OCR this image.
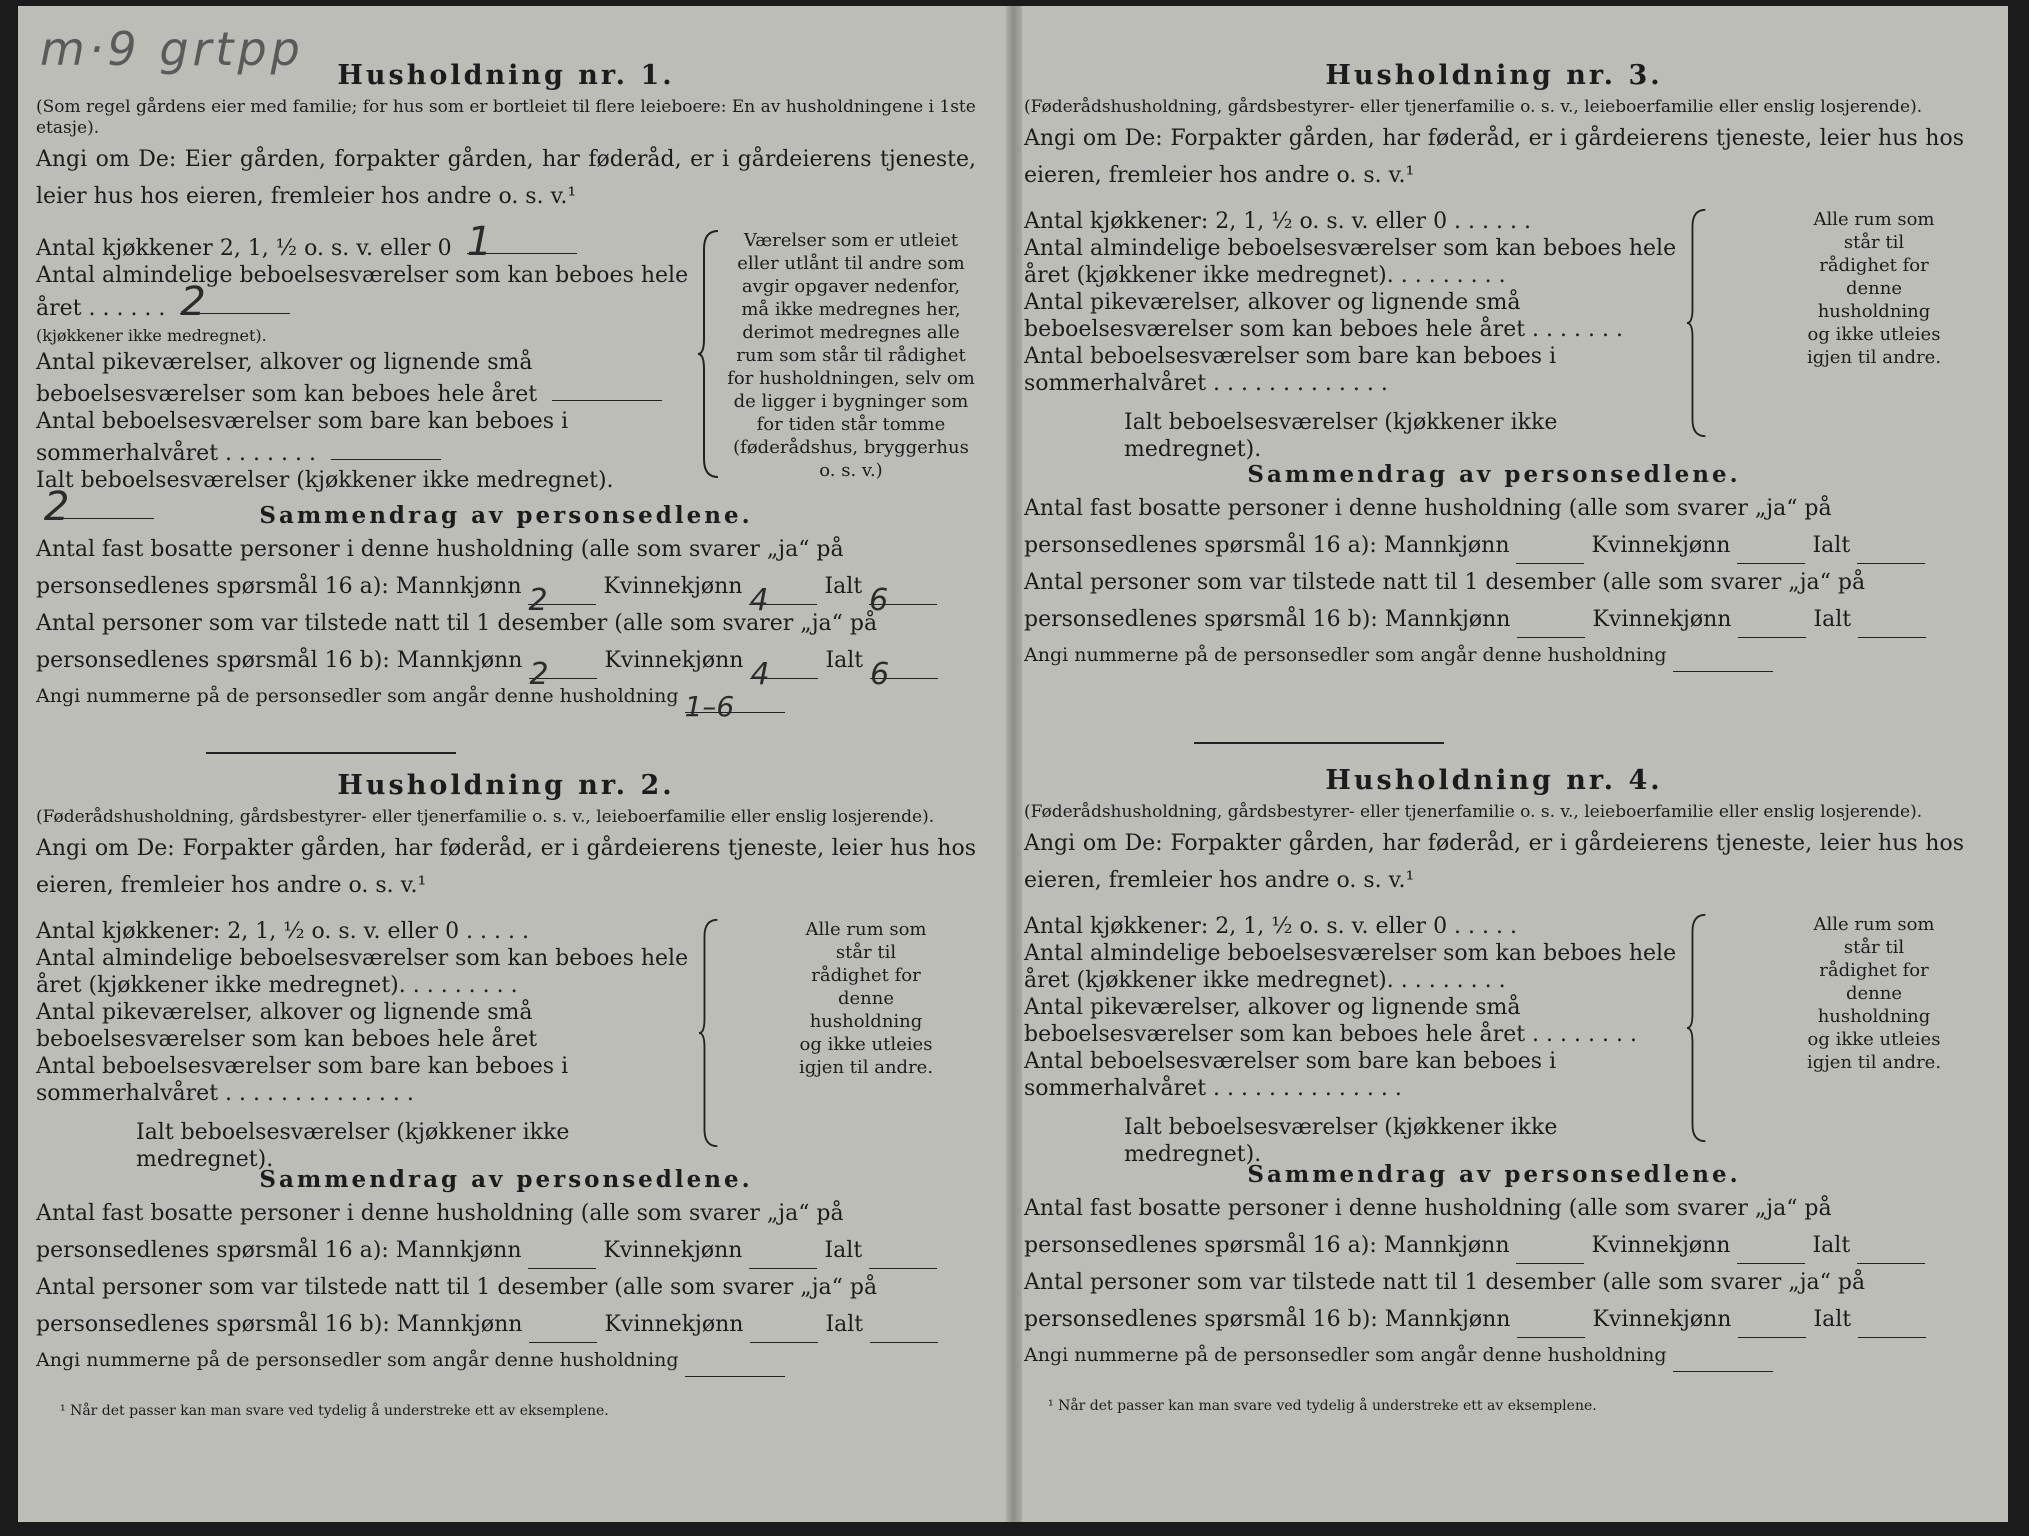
m·9 grtpp	Husholdning nr. 1.

(Som regel gårdens eier med familie; for hus som er bortleiet til flere leieboere: En av husholdningene i 1ste etasje).

Angi om De: Eier gården, forpakter gården, har føderåd, er i gårdeierens tjeneste, leier hus hos eieren, fremleier hos andre o. s. v.¹

Antal kjøkkener 2, 1, ½ o. s. v. eller 0 1
Antal almindelige beboelsesværelser som kan beboes hele året . . . . . . 2
(kjøkkener ikke medregnet).
Antal pikeværelser, alkover og lignende små beboelsesværelser som kan beboes hele året
Antal beboelsesværelser som bare kan beboes i sommerhalvåret . . . . . . .
Ialt beboelsesværelser (kjøkkener ikke medregnet). 2
Værelser som er utleiet eller utlånt til andre som avgir opgaver nedenfor, må ikke medregnes her, derimot medregnes alle rum som står til rådighet for husholdningen, selv om de ligger i bygninger som for tiden står tomme (føderådshus, bryggerhus o. s. v.)
Sammendrag av personsedlene.

Antal fast bosatte personer i denne husholdning (alle som svarer „ja“ på personsedlenes spørsmål 16 a): Mannkjønn 2	Kvinnekjønn 4	Ialt 6

Antal personer som var tilstede natt til 1 desember (alle som svarer „ja“ på personsedlenes spørsmål 16 b): Mannkjønn 2	Kvinnekjønn 4	Ialt 6

Angi nummerne på de personsedler som angår denne husholdning 1–6

Husholdning nr. 2.

(Føderådshusholdning, gårdsbestyrer- eller tjenerfamilie o. s. v., leieboerfamilie eller enslig losjerende).

Angi om De: Forpakter gården, har føderåd, er i gårdeierens tjeneste, leier hus hos eieren, fremleier hos andre o. s. v.¹

Antal kjøkkener: 2, 1, ½ o. s. v. eller 0 . . . . .
Antal almindelige beboelsesværelser som kan beboes hele året (kjøkkener ikke medregnet). . . . . . . . .
Antal pikeværelser, alkover og lignende små beboelsesværelser som kan beboes hele året
Antal beboelsesværelser som bare kan beboes i sommerhalvåret . . . . . . . . . . . . . .
Ialt beboelsesværelser (kjøkkener ikke medregnet).
Alle rum som står til rådighet for denne husholdning og ikke utleies igjen til andre.
Sammendrag av personsedlene.

Antal fast bosatte personer i denne husholdning (alle som svarer „ja“ på personsedlenes spørsmål 16 a): Mannkjønn	Kvinnekjønn	Ialt

Antal personer som var tilstede natt til 1 desember (alle som svarer „ja“ på personsedlenes spørsmål 16 b): Mannkjønn	Kvinnekjønn	Ialt

Angi nummerne på de personsedler som angår denne husholdning

¹ Når det passer kan man svare ved tydelig å understreke ett av eksemplene.

Husholdning nr. 3.

(Føderådshusholdning, gårdsbestyrer- eller tjenerfamilie o. s. v., leieboerfamilie eller enslig losjerende).

Angi om De: Forpakter gården, har føderåd, er i gårdeierens tjeneste, leier hus hos eieren, fremleier hos andre o. s. v.¹

Antal kjøkkener: 2, 1, ½ o. s. v. eller 0 . . . . . .
Antal almindelige beboelsesværelser som kan beboes hele året (kjøkkener ikke medregnet). . . . . . . . .
Antal pikeværelser, alkover og lignende små beboelsesværelser som kan beboes hele året . . . . . . .
Antal beboelsesværelser som bare kan beboes i sommerhalvåret . . . . . . . . . . . . .
Ialt beboelsesværelser (kjøkkener ikke medregnet).
Alle rum som står til rådighet for denne husholdning og ikke utleies igjen til andre.
Sammendrag av personsedlene.

Antal fast bosatte personer i denne husholdning (alle som svarer „ja“ på personsedlenes spørsmål 16 a): Mannkjønn	Kvinnekjønn	Ialt

Antal personer som var tilstede natt til 1 desember (alle som svarer „ja“ på personsedlenes spørsmål 16 b): Mannkjønn	Kvinnekjønn	Ialt

Angi nummerne på de personsedler som angår denne husholdning

Husholdning nr. 4.

(Føderådshusholdning, gårdsbestyrer- eller tjenerfamilie o. s. v., leieboerfamilie eller enslig losjerende).

Angi om De: Forpakter gården, har føderåd, er i gårdeierens tjeneste, leier hus hos eieren, fremleier hos andre o. s. v.¹

Antal kjøkkener: 2, 1, ½ o. s. v. eller 0 . . . . .
Antal almindelige beboelsesværelser som kan beboes hele året (kjøkkener ikke medregnet). . . . . . . . .
Antal pikeværelser, alkover og lignende små beboelsesværelser som kan beboes hele året . . . . . . . .
Antal beboelsesværelser som bare kan beboes i sommerhalvåret . . . . . . . . . . . . . .
Ialt beboelsesværelser (kjøkkener ikke medregnet).
Alle rum som står til rådighet for denne husholdning og ikke utleies igjen til andre.
Sammendrag av personsedlene.

Antal fast bosatte personer i denne husholdning (alle som svarer „ja“ på personsedlenes spørsmål 16 a): Mannkjønn	Kvinnekjønn	Ialt

Antal personer som var tilstede natt til 1 desember (alle som svarer „ja“ på personsedlenes spørsmål 16 b): Mannkjønn	Kvinnekjønn	Ialt

Angi nummerne på de personsedler som angår denne husholdning

¹ Når det passer kan man svare ved tydelig å understreke ett av eksemplene.
